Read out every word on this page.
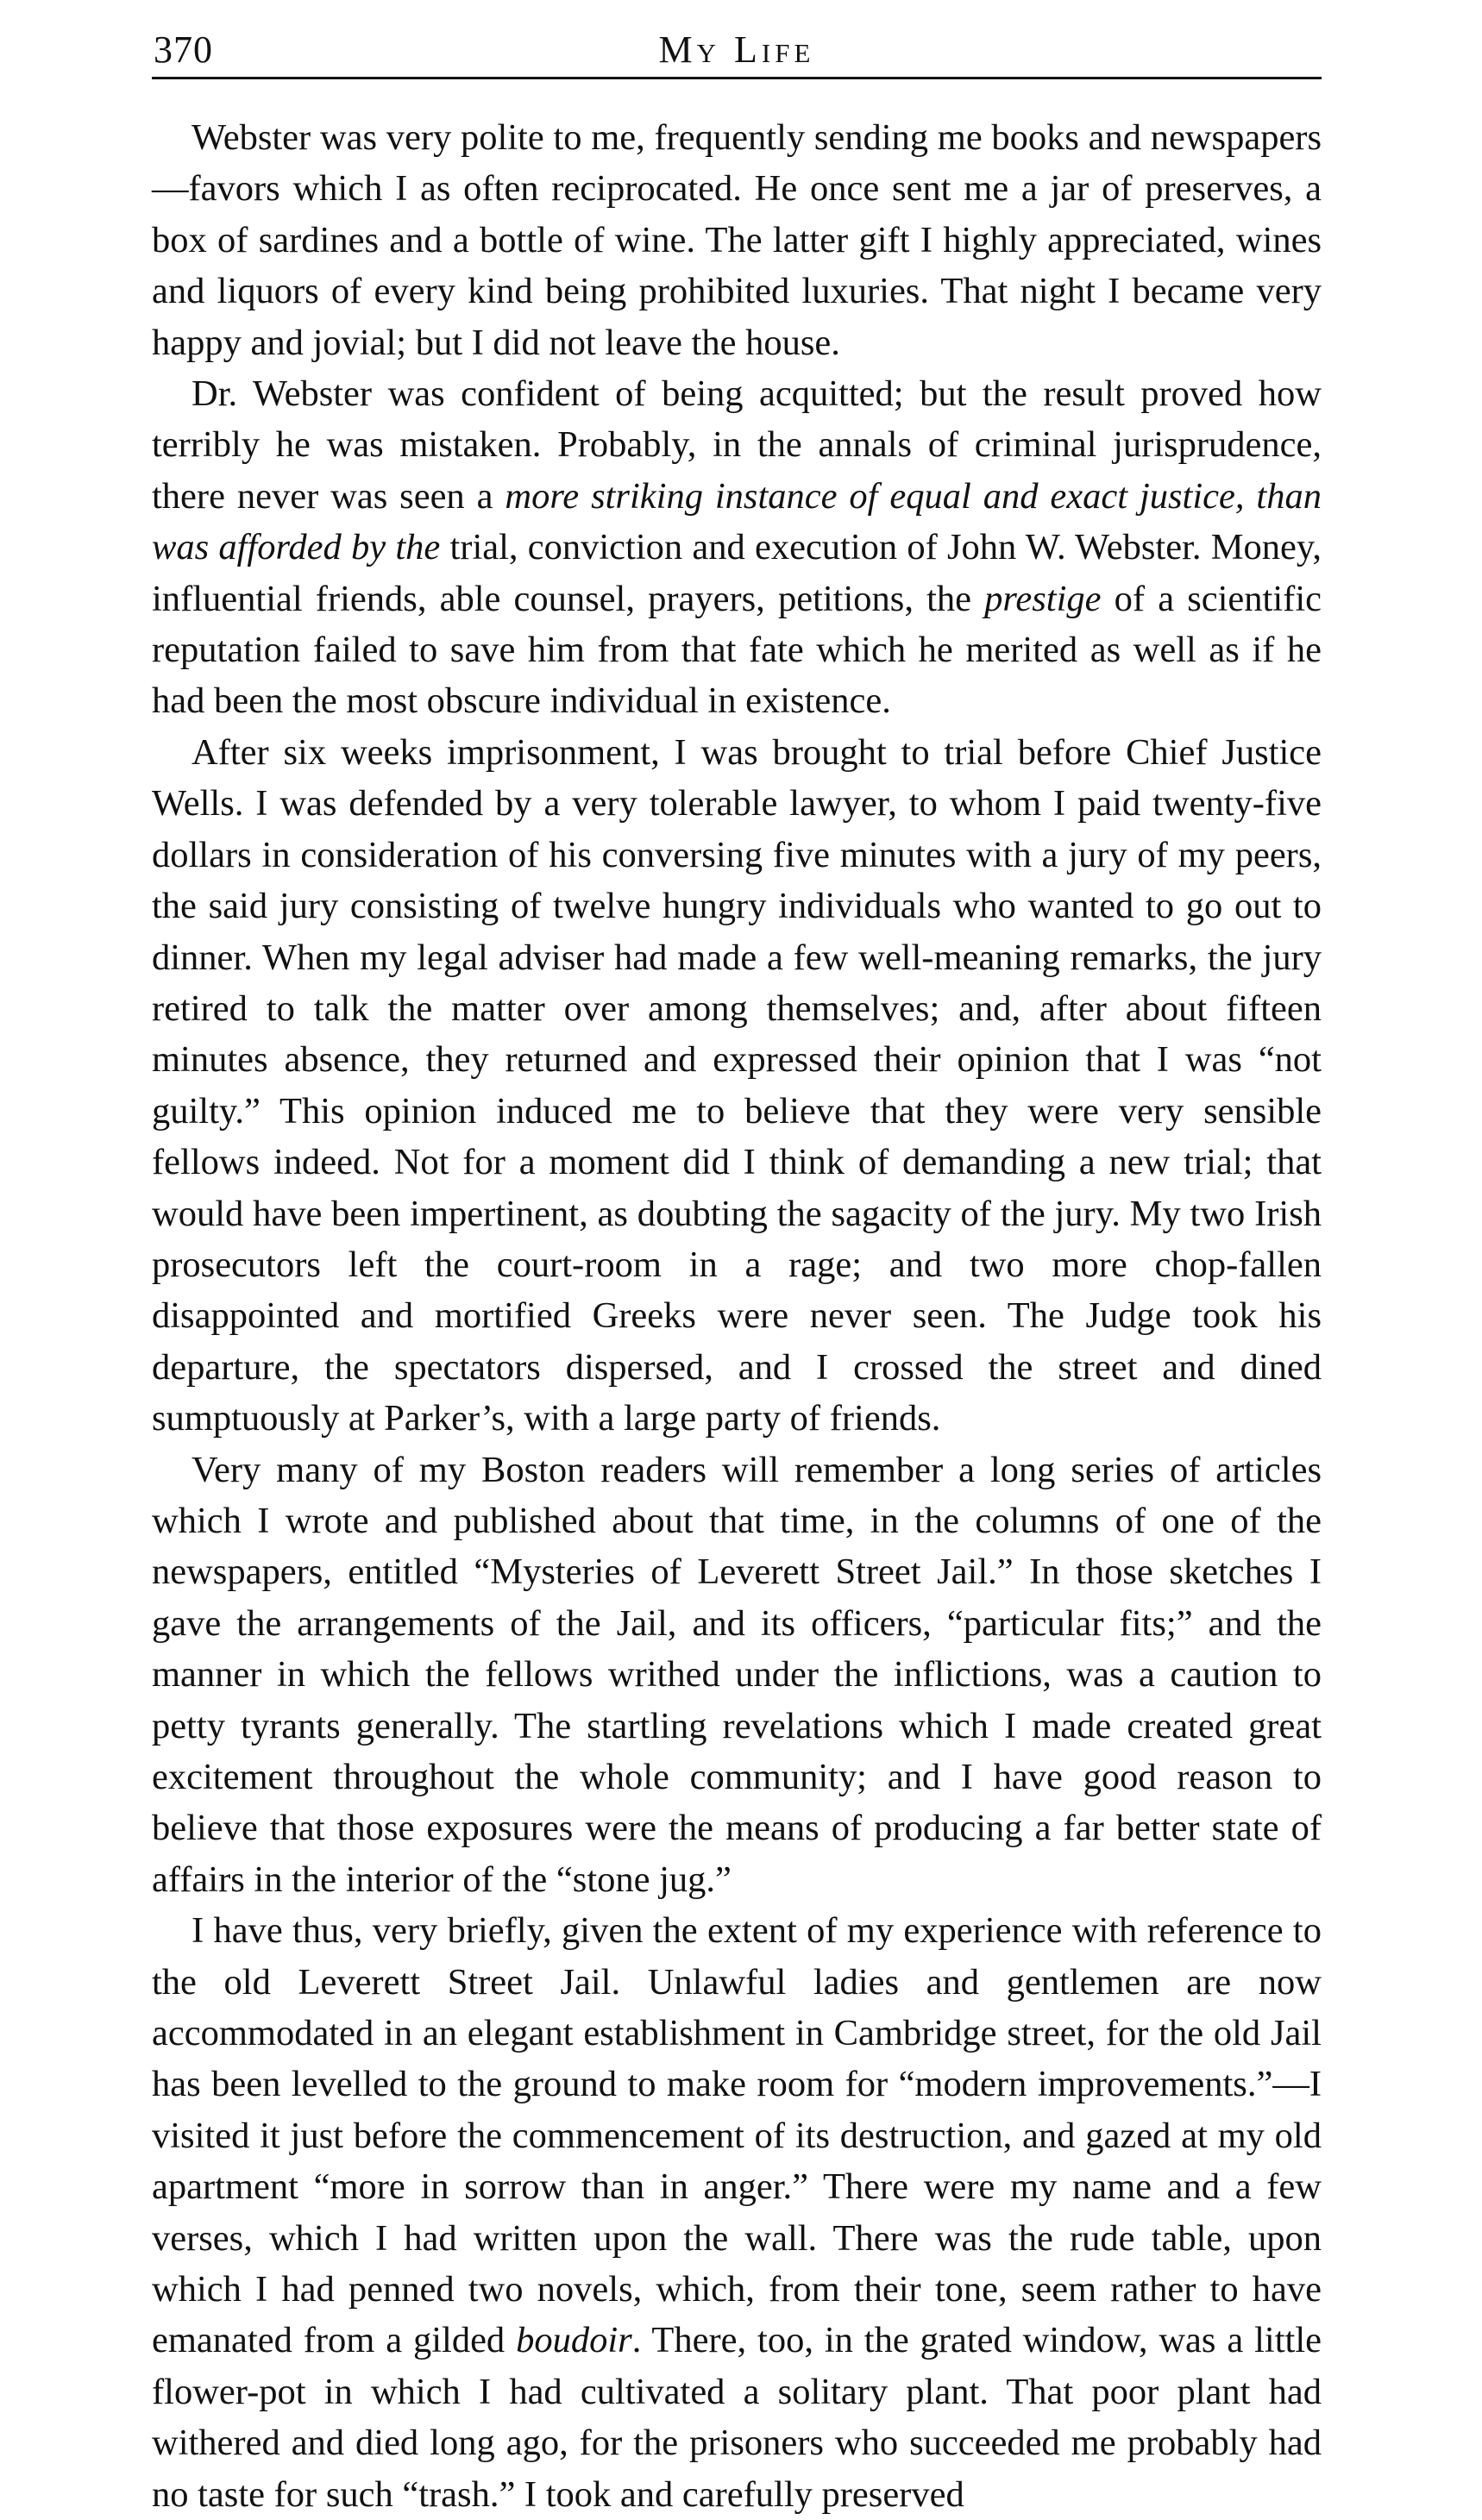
370	My Life

Webster was very polite to me, frequently sending me books and newspapers—favors which I as often reciprocated. He once sent me a jar of preserves, a box of sardines and a bottle of wine. The latter gift I highly appreciated, wines and liquors of every kind being prohibited luxuries. That night I became very happy and jovial; but I did not leave the house.

Dr. Webster was confident of being acquitted; but the result proved how terribly he was mistaken. Probably, in the annals of criminal jurisprudence, there never was seen a more striking instance of equal and exact justice, than was afforded by the trial, conviction and execution of John W. Webster. Money, influential friends, able counsel, prayers, petitions, the prestige of a scientific reputation failed to save him from that fate which he merited as well as if he had been the most obscure individual in existence.

After six weeks imprisonment, I was brought to trial before Chief Justice Wells. I was defended by a very tolerable lawyer, to whom I paid twenty-five dollars in consideration of his conversing five minutes with a jury of my peers, the said jury consisting of twelve hungry individuals who wanted to go out to dinner. When my legal adviser had made a few well-meaning remarks, the jury retired to talk the matter over among themselves; and, after about fifteen minutes absence, they returned and expressed their opinion that I was “not guilty.” This opinion induced me to believe that they were very sensible fellows indeed. Not for a moment did I think of demanding a new trial; that would have been impertinent, as doubting the sagacity of the jury. My two Irish prosecutors left the court-room in a rage; and two more chop-fallen disappointed and mortified Greeks were never seen. The Judge took his departure, the spectators dispersed, and I crossed the street and dined sumptuously at Parker’s, with a large party of friends.

Very many of my Boston readers will remember a long series of articles which I wrote and published about that time, in the columns of one of the newspapers, entitled “Mysteries of Leverett Street Jail.” In those sketches I gave the arrangements of the Jail, and its officers, “particular fits;” and the manner in which the fellows writhed under the inflictions, was a caution to petty tyrants generally. The startling revelations which I made created great excitement throughout the whole community; and I have good reason to believe that those exposures were the means of producing a far better state of affairs in the interior of the “stone jug.”

I have thus, very briefly, given the extent of my experience with reference to the old Leverett Street Jail. Unlawful ladies and gentlemen are now accommodated in an elegant establishment in Cambridge street, for the old Jail has been levelled to the ground to make room for “modern improvements.”—I visited it just before the commencement of its destruction, and gazed at my old apartment “more in sorrow than in anger.” There were my name and a few verses, which I had written upon the wall. There was the rude table, upon which I had penned two novels, which, from their tone, seem rather to have emanated from a gilded boudoir. There, too, in the grated window, was a little flower-pot in which I had cultivated a solitary plant. That poor plant had withered and died long ago, for the prisoners who succeeded me probably had no taste for such “trash.” I took and carefully preserved
